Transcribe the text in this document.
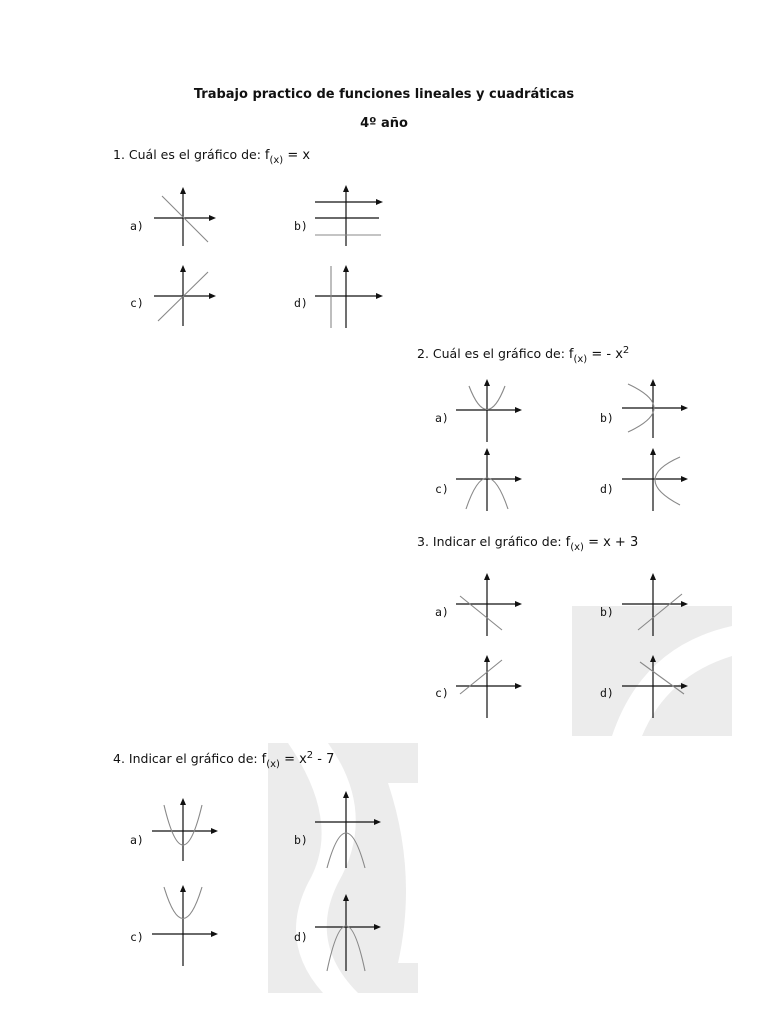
Trabajo practico de funciones lineales y cuadráticas
4º año
1. Cuál es el gráfico de: $f_{(x)} = x$
a)	b)
c)	d)
2. Cuál es el gráfico de: $f_{(x)}$ = - $x^2$
a)	b)
c)	d)
3. Indicar el gráfico de: $f_{(x)} = x + 3$
a)	b)
c)	d)
4. Indicar el gráfico de: $f_{(x)} = x^2 - 7$
a)	b)
c)	d)
